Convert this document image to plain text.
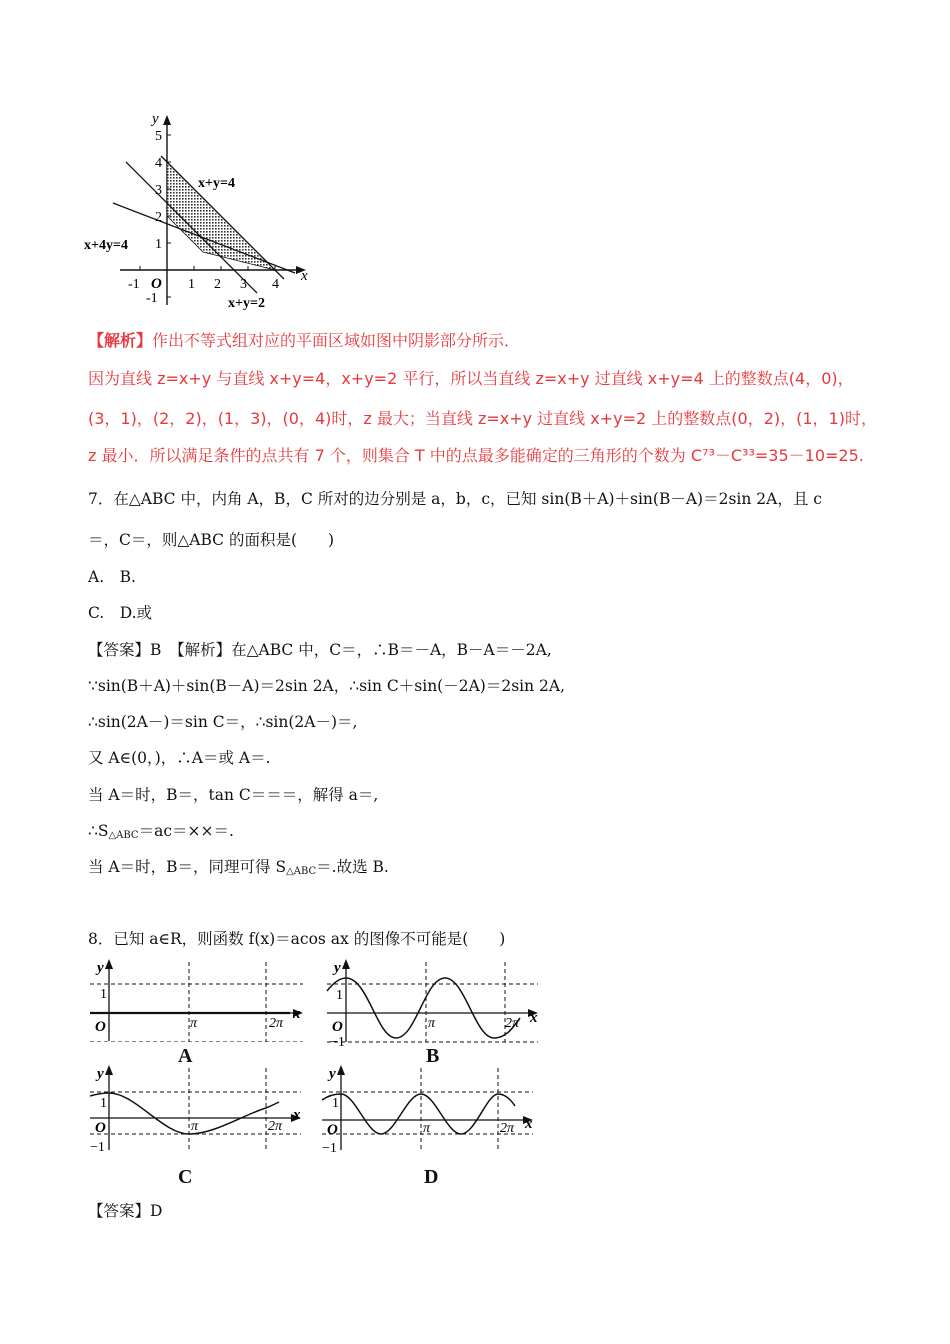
y
x
O
5
4
3
2
1
-1
-1	1 2 3 4
x+y=4
x+4y=4
x+y=2
【解析】作出不等式组对应的平面区域如图中阴影部分所示．
因为直线 z=x+y 与直线 x+y=4，x+y=2 平行，所以当直线 z=x+y 过直线 x+y=4 上的整数点(4，0)，
(3，1)，(2，2)，(1，3)，(0，4)时，z 最大；当直线 z=x+y 过直线 x+y=2 上的整数点(0，2)，(1，1)时，
z 最小．所以满足条件的点共有 7 个，则集合 T 中的点最多能确定的三角形的个数为 C⁷³－C³³=35－10=25.
7．在△ABC 中，内角 A，B，C 所对的边分别是 a，b，c，已知 sin(B＋A)＋sin(B－A)＝2sin 2A，且 c
＝，C＝，则△ABC 的面积是(　　)
A.　B.
C.　D.或
【答案】B　【解析】在△ABC 中，C＝，∴B＝－A，B－A＝－2A,
∵sin(B＋A)＋sin(B－A)＝2sin 2A，∴sin C＋sin(－2A)＝2sin 2A,
∴sin(2A－)＝sin C＝，∴sin(2A－)＝,
又 A∈(0，)，∴A＝或 A＝.
当 A＝时，B＝，tan C＝＝＝，解得 a＝,
$\therefore S_{\triangle ABC}=ac=\times\times=$.
当 A＝时，B＝，同理可得 $S_{\triangle ABC}=$.故选 B.
8．已知 a∈R，则函数 f(x)＝acos ax 的图像不可能是(　　)
y
x
1
O	π	2π
A
y
x
1
O
−1
π	2π
B
y
x
1
O
−1
π	2π
C
y
x
1
O
−1
π	2π
D
【答案】D
